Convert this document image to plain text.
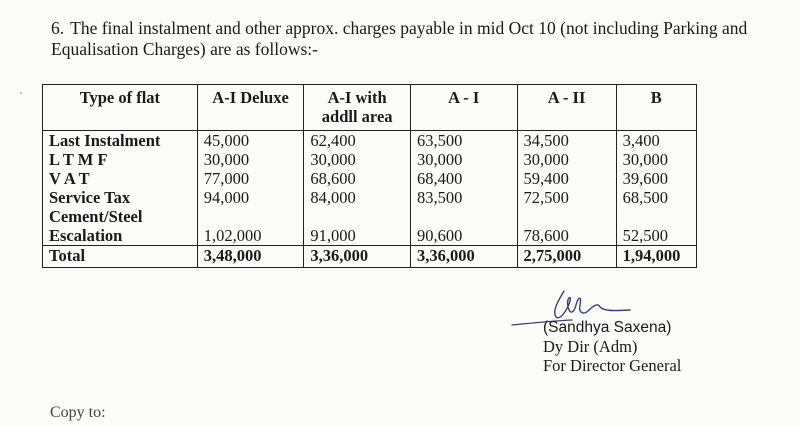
6. The final instalment and other approx. charges payable in mid Oct 10 (not including Parking and Equalisation Charges) are as follows:-

Type of flat	A-I Deluxe	A-I with addll area	A - I	A - II	B
Last Instalment	45,000	62,400	63,500	34,500	3,400
L T M F	30,000	30,000	30,000	30,000	30,000
V A T	77,000	68,600	68,400	59,400	39,600
Service Tax	94,000	84,000	83,500	72,500	68,500
Cement/Steel Escalation	1,02,000	91,000	90,600	78,600	52,500
Total	3,48,000	3,36,000	3,36,000	2,75,000	1,94,000
(Sandhya Saxena)
Dy Dir (Adm)
For Director General
Copy to:
